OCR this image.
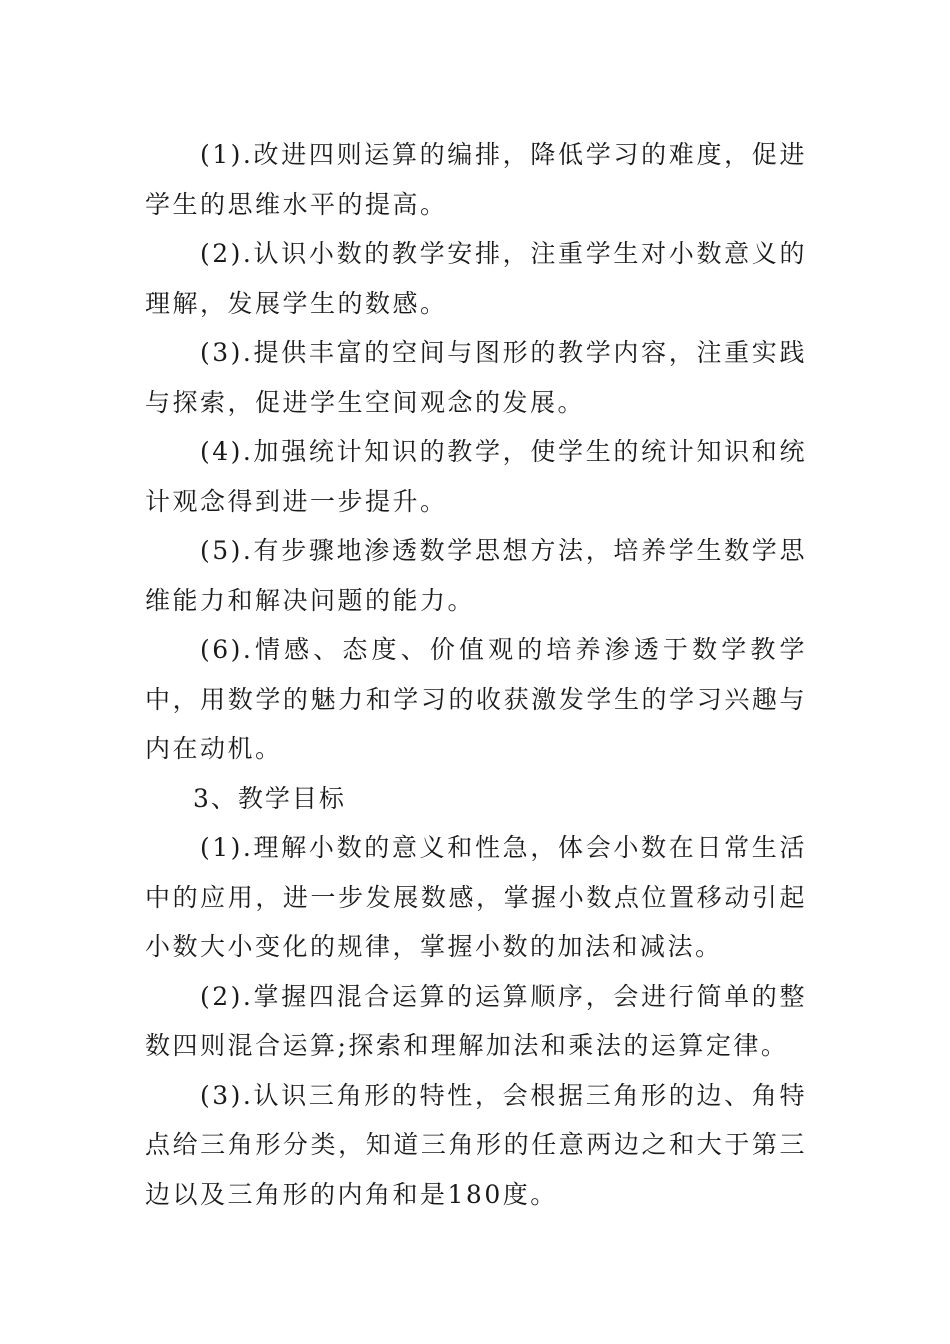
(1).改进四则运算的编排，降低学习的难度，促进学生的思维水平的提高。

(2).认识小数的教学安排，注重学生对小数意义的理解，发展学生的数感。

(3).提供丰富的空间与图形的教学内容，注重实践与探索，促进学生空间观念的发展。

(4).加强统计知识的教学，使学生的统计知识和统计观念得到进一步提升。

(5).有步骤地渗透数学思想方法，培养学生数学思维能力和解决问题的能力。

(6).情感、态度、价值观的培养渗透于数学教学中，用数学的魅力和学习的收获激发学生的学习兴趣与内在动机。

3、教学目标

(1).理解小数的意义和性急，体会小数在日常生活中的应用，进一步发展数感，掌握小数点位置移动引起小数大小变化的规律，掌握小数的加法和减法。

(2).掌握四混合运算的运算顺序，会进行简单的整数四则混合运算;探索和理解加法和乘法的运算定律。

(3).认识三角形的特性，会根据三角形的边、角特点给三角形分类，知道三角形的任意两边之和大于第三边以及三角形的内角和是180度。
